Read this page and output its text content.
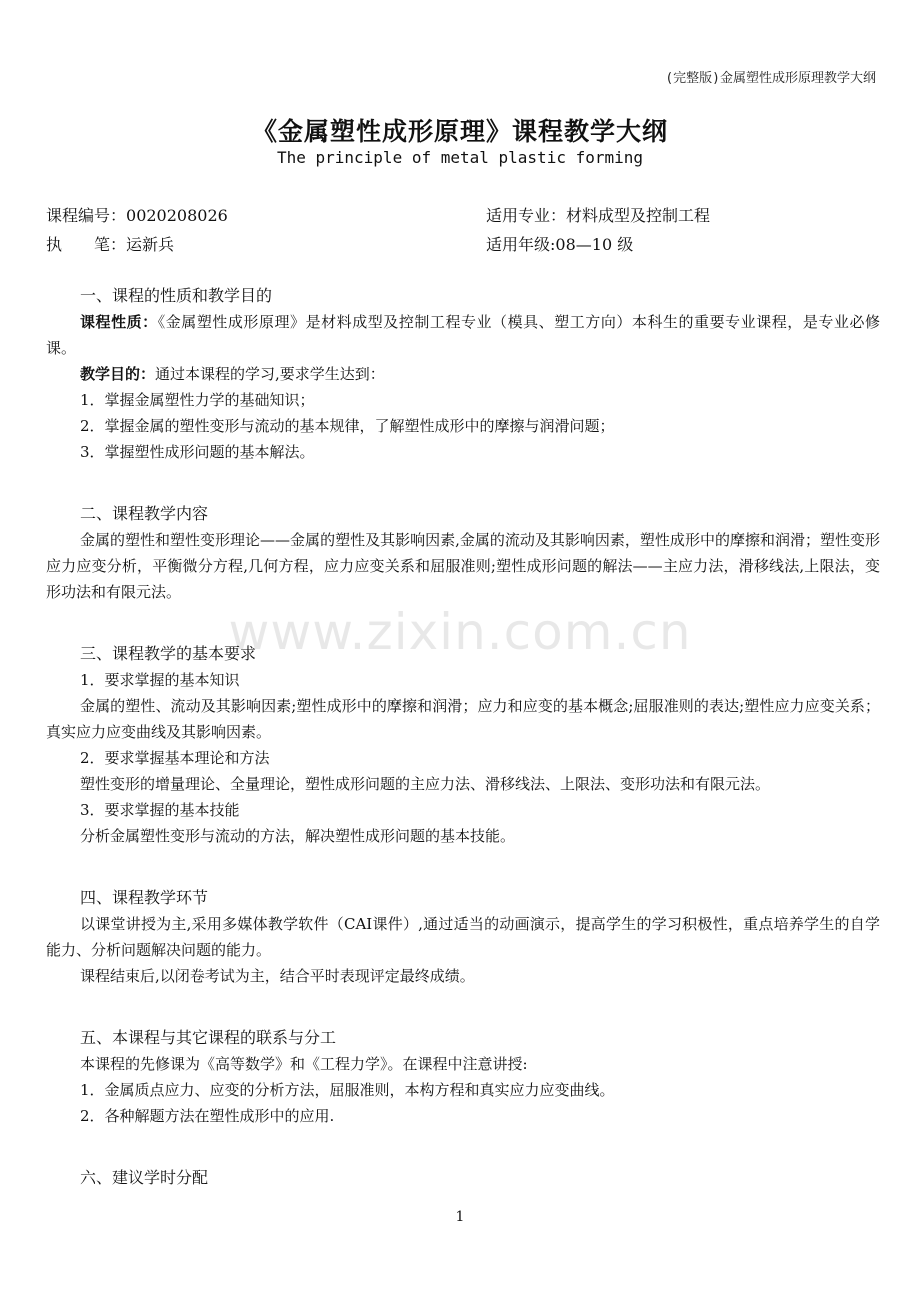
(完整版)金属塑性成形原理教学大纲
《金属塑性成形原理》课程教学大纲
The principle of metal plastic forming
课程编号：0020208026	适用专业：材料成型及控制工程
执　　笔：运新兵	适用年级:08—10 级
一、课程的性质和教学目的

课程性质：《金属塑性成形原理》是材料成型及控制工程专业（模具、塑工方向）本科生的重要专业课程，是专业必修课。

教学目的：通过本课程的学习,要求学生达到：

1．掌握金属塑性力学的基础知识；
2．掌握金属的塑性变形与流动的基本规律，了解塑性成形中的摩擦与润滑问题；
3．掌握塑性成形问题的基本解法。
二、课程教学内容

金属的塑性和塑性变形理论——金属的塑性及其影响因素,金属的流动及其影响因素，塑性成形中的摩擦和润滑；塑性变形应力应变分析，平衡微分方程,几何方程，应力应变关系和屈服准则;塑性成形问题的解法——主应力法，滑移线法,上限法，变形功法和有限元法。

三、课程教学的基本要求
1．要求掌握的基本知识

金属的塑性、流动及其影响因素;塑性成形中的摩擦和润滑；应力和应变的基本概念;屈服准则的表达;塑性应力应变关系；真实应力应变曲线及其影响因素。

2．要求掌握基本理论和方法

塑性变形的增量理论、全量理论，塑性成形问题的主应力法、滑移线法、上限法、变形功法和有限元法。

3．要求掌握的基本技能

分析金属塑性变形与流动的方法，解决塑性成形问题的基本技能。

四、课程教学环节

以课堂讲授为主,采用多媒体教学软件（CAI课件）,通过适当的动画演示，提高学生的学习积极性，重点培养学生的自学能力、分析问题解决问题的能力。

课程结束后,以闭卷考试为主，结合平时表现评定最终成绩。

五、本课程与其它课程的联系与分工

本课程的先修课为《高等数学》和《工程力学》。在课程中注意讲授:

1．金属质点应力、应变的分析方法，屈服准则，本构方程和真实应力应变曲线。
2．各种解题方法在塑性成形中的应用.
六、建议学时分配
www.zixin.com.cn
1
